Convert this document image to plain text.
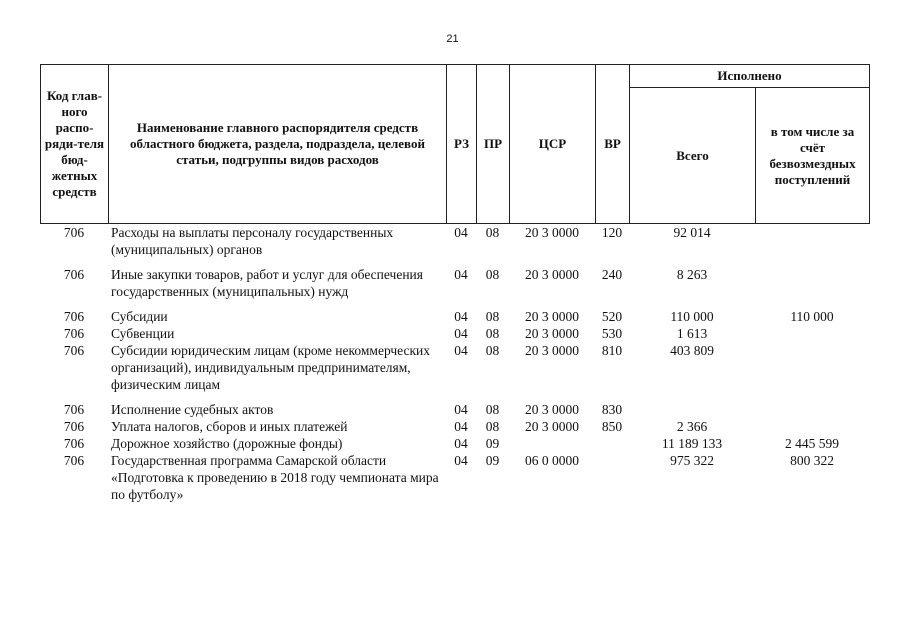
21
Код глав-ного распо-ряди-теля бюд-жетных средств	Наименование главного распорядителя средств областного бюджета, раздела, подраздела, целевой статьи, подгруппы видов расходов	РЗ	ПР	ЦСР	ВР	Исполнено	
						Всего	в том числе за счёт безвозмездных поступлений
706	Расходы на выплаты персоналу государственных (муниципальных) органов	04	08	20 3 0000	120	92 014	
706	Иные закупки товаров, работ и услуг для обеспечения государственных (муниципальных) нужд	04	08	20 3 0000	240	8 263	
706	Субсидии	04	08	20 3 0000	520	110 000	110 000
706	Субвенции	04	08	20 3 0000	530	1 613	
706	Субсидии юридическим лицам (кроме некоммерческих организаций), индивидуальным предпринимателям, физическим лицам	04	08	20 3 0000	810	403 809	
706	Исполнение судебных актов	04	08	20 3 0000	830		
706	Уплата налогов, сборов и иных платежей	04	08	20 3 0000	850	2 366	
706	Дорожное хозяйство (дорожные фонды)	04	09			11 189 133	2 445 599
706	Государственная программа Самарской области «Подготовка к проведению в 2018 году чемпионата мира по футболу»	04	09	06 0 0000		975 322	800 322
